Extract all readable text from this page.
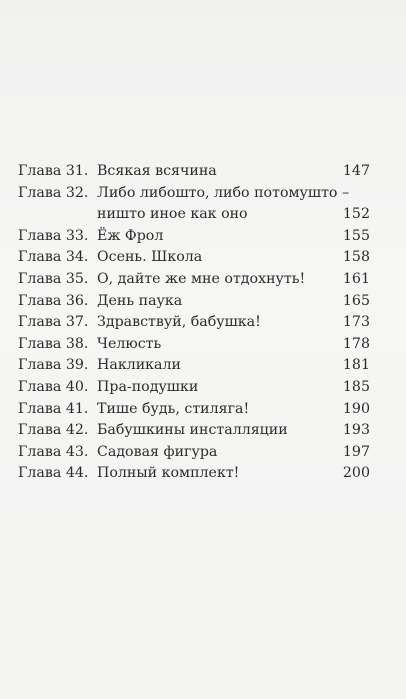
Глава 31. Всякая всячина	147
Глава 32. Либо либошто, либо потомушто –
ништо иное как оно	152
Глава 33. Ёж Фрол	155
Глава 34. Осень. Школа	158
Глава 35. О, дайте же мне отдохнуть!	161
Глава 36. День паука	165
Глава 37. Здравствуй, бабушка!	173
Глава 38. Челюсть	178
Глава 39. Накликали	181
Глава 40. Пра-подушки	185
Глава 41. Тише будь, стиляга!	190
Глава 42. Бабушкины инсталляции	193
Глава 43. Садовая фигура	197
Глава 44. Полный комплект!	200
